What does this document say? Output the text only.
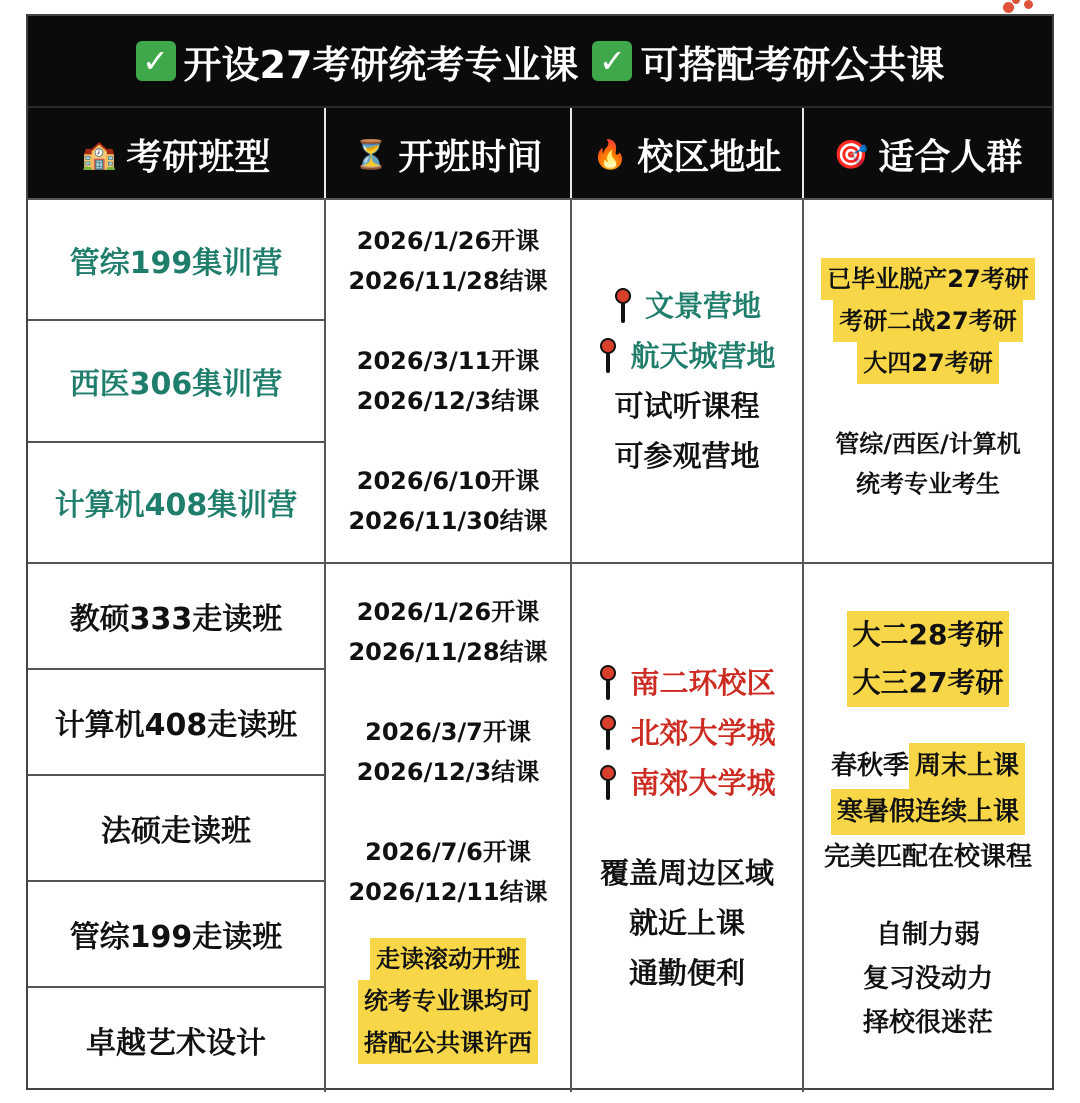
✓ 开设27考研统考专业课 ✓ 可搭配考研公共课
🏫 考研班型	⏳ 开班时间 🔥 校区地址 🎯 适合人群
管综199集训营
西医306集训营
计算机408集训营
2026/1/26开课
2026/11/28结课
2026/3/11开课
2026/12/3结课
2026/6/10开课
2026/11/30结课
文景营地
航天城营地
可试听课程
可参观营地
已毕业脱产27考研
考研二战27考研
大四27考研
管综/西医/计算机
统考专业考生
教硕333走读班
计算机408走读班
法硕走读班
管综199走读班
卓越艺术设计
2026/1/26开课
2026/11/28结课
2026/3/7开课
2026/12/3结课
2026/7/6开课
2026/12/11结课
走读滚动开班
统考专业课均可
搭配公共课许西
南二环校区
北郊大学城
南郊大学城
覆盖周边区域
就近上课
通勤便利
大二28考研
大三27考研
春秋季 周末上课
寒暑假连续上课
完美匹配在校课程
自制力弱
复习没动力
择校很迷茫
